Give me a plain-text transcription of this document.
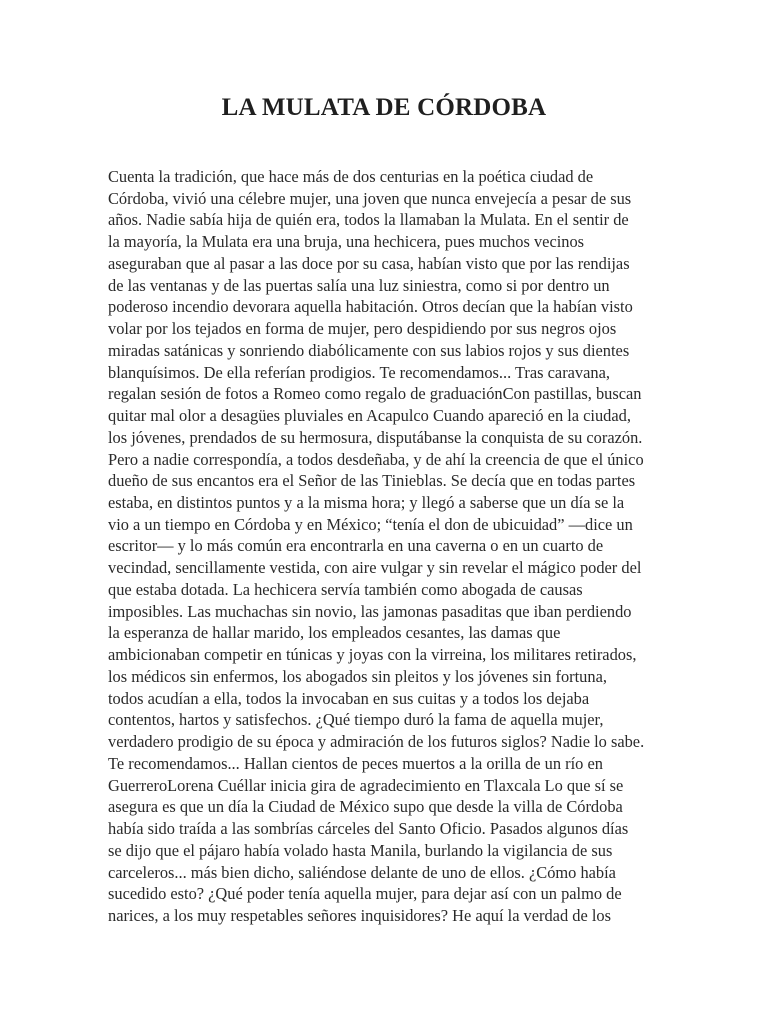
LA MULATA DE CÓRDOBA
Cuenta la tradición, que hace más de dos centurias en la poética ciudad de
Córdoba, vivió una célebre mujer, una joven que nunca envejecía a pesar de sus
años. Nadie sabía hija de quién era, todos la llamaban la Mulata. En el sentir de
la mayoría, la Mulata era una bruja, una hechicera, pues muchos vecinos
aseguraban que al pasar a las doce por su casa, habían visto que por las rendijas
de las ventanas y de las puertas salía una luz siniestra, como si por dentro un
poderoso incendio devorara aquella habitación. Otros decían que la habían visto
volar por los tejados en forma de mujer, pero despidiendo por sus negros ojos
miradas satánicas y sonriendo diabólicamente con sus labios rojos y sus dientes
blanquísimos. De ella referían prodigios. Te recomendamos... Tras caravana,
regalan sesión de fotos a Romeo como regalo de graduaciónCon pastillas, buscan
quitar mal olor a desagües pluviales en Acapulco Cuando apareció en la ciudad,
los jóvenes, prendados de su hermosura, disputábanse la conquista de su corazón.
Pero a nadie correspondía, a todos desdeñaba, y de ahí la creencia de que el único
dueño de sus encantos era el Señor de las Tinieblas. Se decía que en todas partes
estaba, en distintos puntos y a la misma hora; y llegó a saberse que un día se la
vio a un tiempo en Córdoba y en México; “tenía el don de ubicuidad” —dice un
escritor— y lo más común era encontrarla en una caverna o en un cuarto de
vecindad, sencillamente vestida, con aire vulgar y sin revelar el mágico poder del
que estaba dotada. La hechicera servía también como abogada de causas
imposibles. Las muchachas sin novio, las jamonas pasaditas que iban perdiendo
la esperanza de hallar marido, los empleados cesantes, las damas que
ambicionaban competir en túnicas y joyas con la virreina, los militares retirados,
los médicos sin enfermos, los abogados sin pleitos y los jóvenes sin fortuna,
todos acudían a ella, todos la invocaban en sus cuitas y a todos los dejaba
contentos, hartos y satisfechos. ¿Qué tiempo duró la fama de aquella mujer,
verdadero prodigio de su época y admiración de los futuros siglos? Nadie lo sabe.
Te recomendamos... Hallan cientos de peces muertos a la orilla de un río en
GuerreroLorena Cuéllar inicia gira de agradecimiento en Tlaxcala Lo que sí se
asegura es que un día la Ciudad de México supo que desde la villa de Córdoba
había sido traída a las sombrías cárceles del Santo Oficio. Pasados algunos días
se dijo que el pájaro había volado hasta Manila, burlando la vigilancia de sus
carceleros... más bien dicho, saliéndose delante de uno de ellos. ¿Cómo había
sucedido esto? ¿Qué poder tenía aquella mujer, para dejar así con un palmo de
narices, a los muy respetables señores inquisidores? He aquí la verdad de los
